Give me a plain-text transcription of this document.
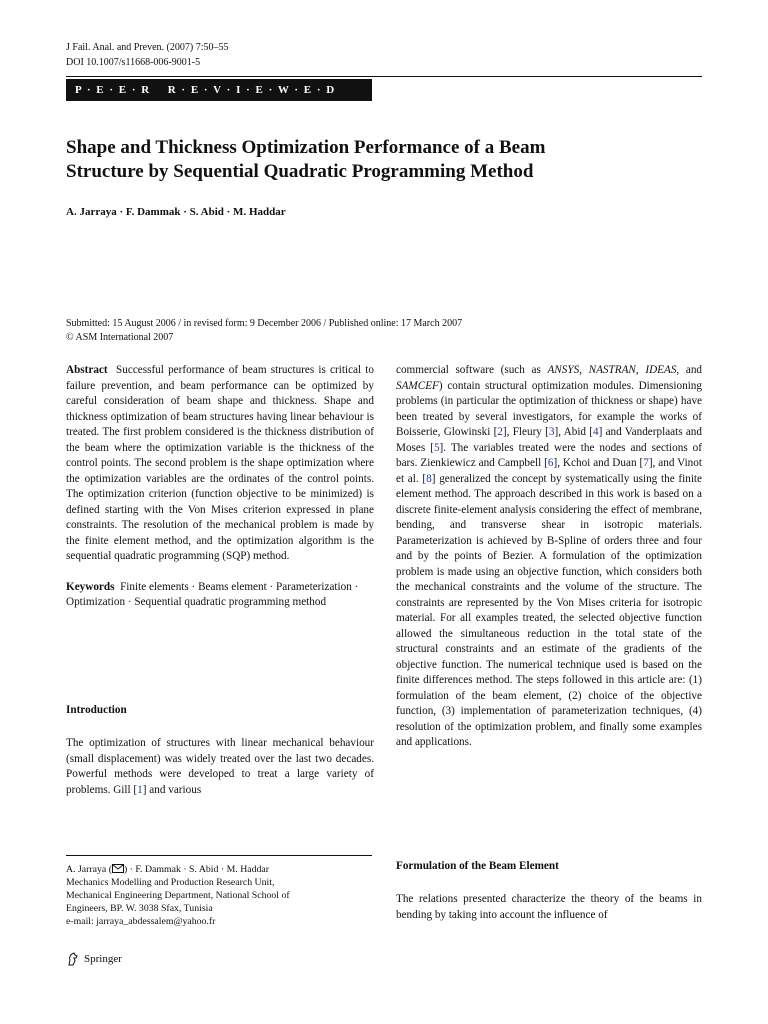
J Fail. Anal. and Preven. (2007) 7:50–55
DOI 10.1007/s11668-006-9001-5
P · E · E · R    R · E · V · I · E · W · E · D
Shape and Thickness Optimization Performance of a Beam
Structure by Sequential Quadratic Programming Method
A. Jarraya · F. Dammak · S. Abid · M. Haddar
Submitted: 15 August 2006 / in revised form: 9 December 2006 / Published online: 17 March 2007
© ASM International 2007

Abstract Successful performance of beam structures is critical to failure prevention, and beam performance can be optimized by careful consideration of beam shape and thickness. Shape and thickness optimization of beam structures having linear behaviour is treated. The first problem considered is the thickness distribution of the beam where the optimization variable is the thickness of the control points. The second problem is the shape optimization where the optimization variables are the ordinates of the control points. The optimization criterion (function objective to be minimized) is defined starting with the Von Mises criterion expressed in plane constraints. The resolution of the mechanical problem is made by the finite element method, and the optimization algorithm is the sequential quadratic programming (SQP) method.

Keywords Finite elements · Beams element · Parameterization · Optimization · Sequential quadratic programming method

Introduction

The optimization of structures with linear mechanical behaviour (small displacement) was widely treated over the last two decades. Powerful methods were developed to treat a large variety of problems. Gill [1] and various

commercial software (such as ANSYS, NASTRAN, IDEAS, and SAMCEF) contain structural optimization modules. Dimensioning problems (in particular the optimization of thickness or shape) have been treated by several investigators, for example the works of Boisserie, Glowinski [2], Fleury [3], Abid [4] and Vanderplaats and Moses [5]. The variables treated were the nodes and sections of bars. Zienkiewicz and Campbell [6], Kchoi and Duan [7], and Vinot et al. [8] generalized the concept by systematically using the finite element method. The approach described in this work is based on a discrete finite-element analysis considering the effect of membrane, bending, and transverse shear in isotropic materials. Parameterization is achieved by B-Spline of orders three and four and by the points of Bezier. A formulation of the optimization problem is made using an objective function, which considers both the mechanical constraints and the volume of the structure. The constraints are represented by the Von Mises criteria for isotropic material. For all examples treated, the selected objective function allowed the simultaneous reduction in the total state of the structural constraints and an estimate of the gradients of the objective function. The numerical technique used is based on the finite differences method. The steps followed in this article are: (1) formulation of the beam element, (2) choice of the objective function, (3) implementation of parameterization techniques, (4) resolution of the optimization problem, and finally some examples and applications.

A. Jarraya ( ) · F. Dammak · S. Abid · M. Haddar
Mechanics Modelling and Production Research Unit,
Mechanical Engineering Department, National School of
Engineers, BP. W. 3038 Sfax, Tunisia
e-mail: jarraya_abdessalem@yahoo.fr
Formulation of the Beam Element

The relations presented characterize the theory of the beams in bending by taking into account the influence of

Springer
